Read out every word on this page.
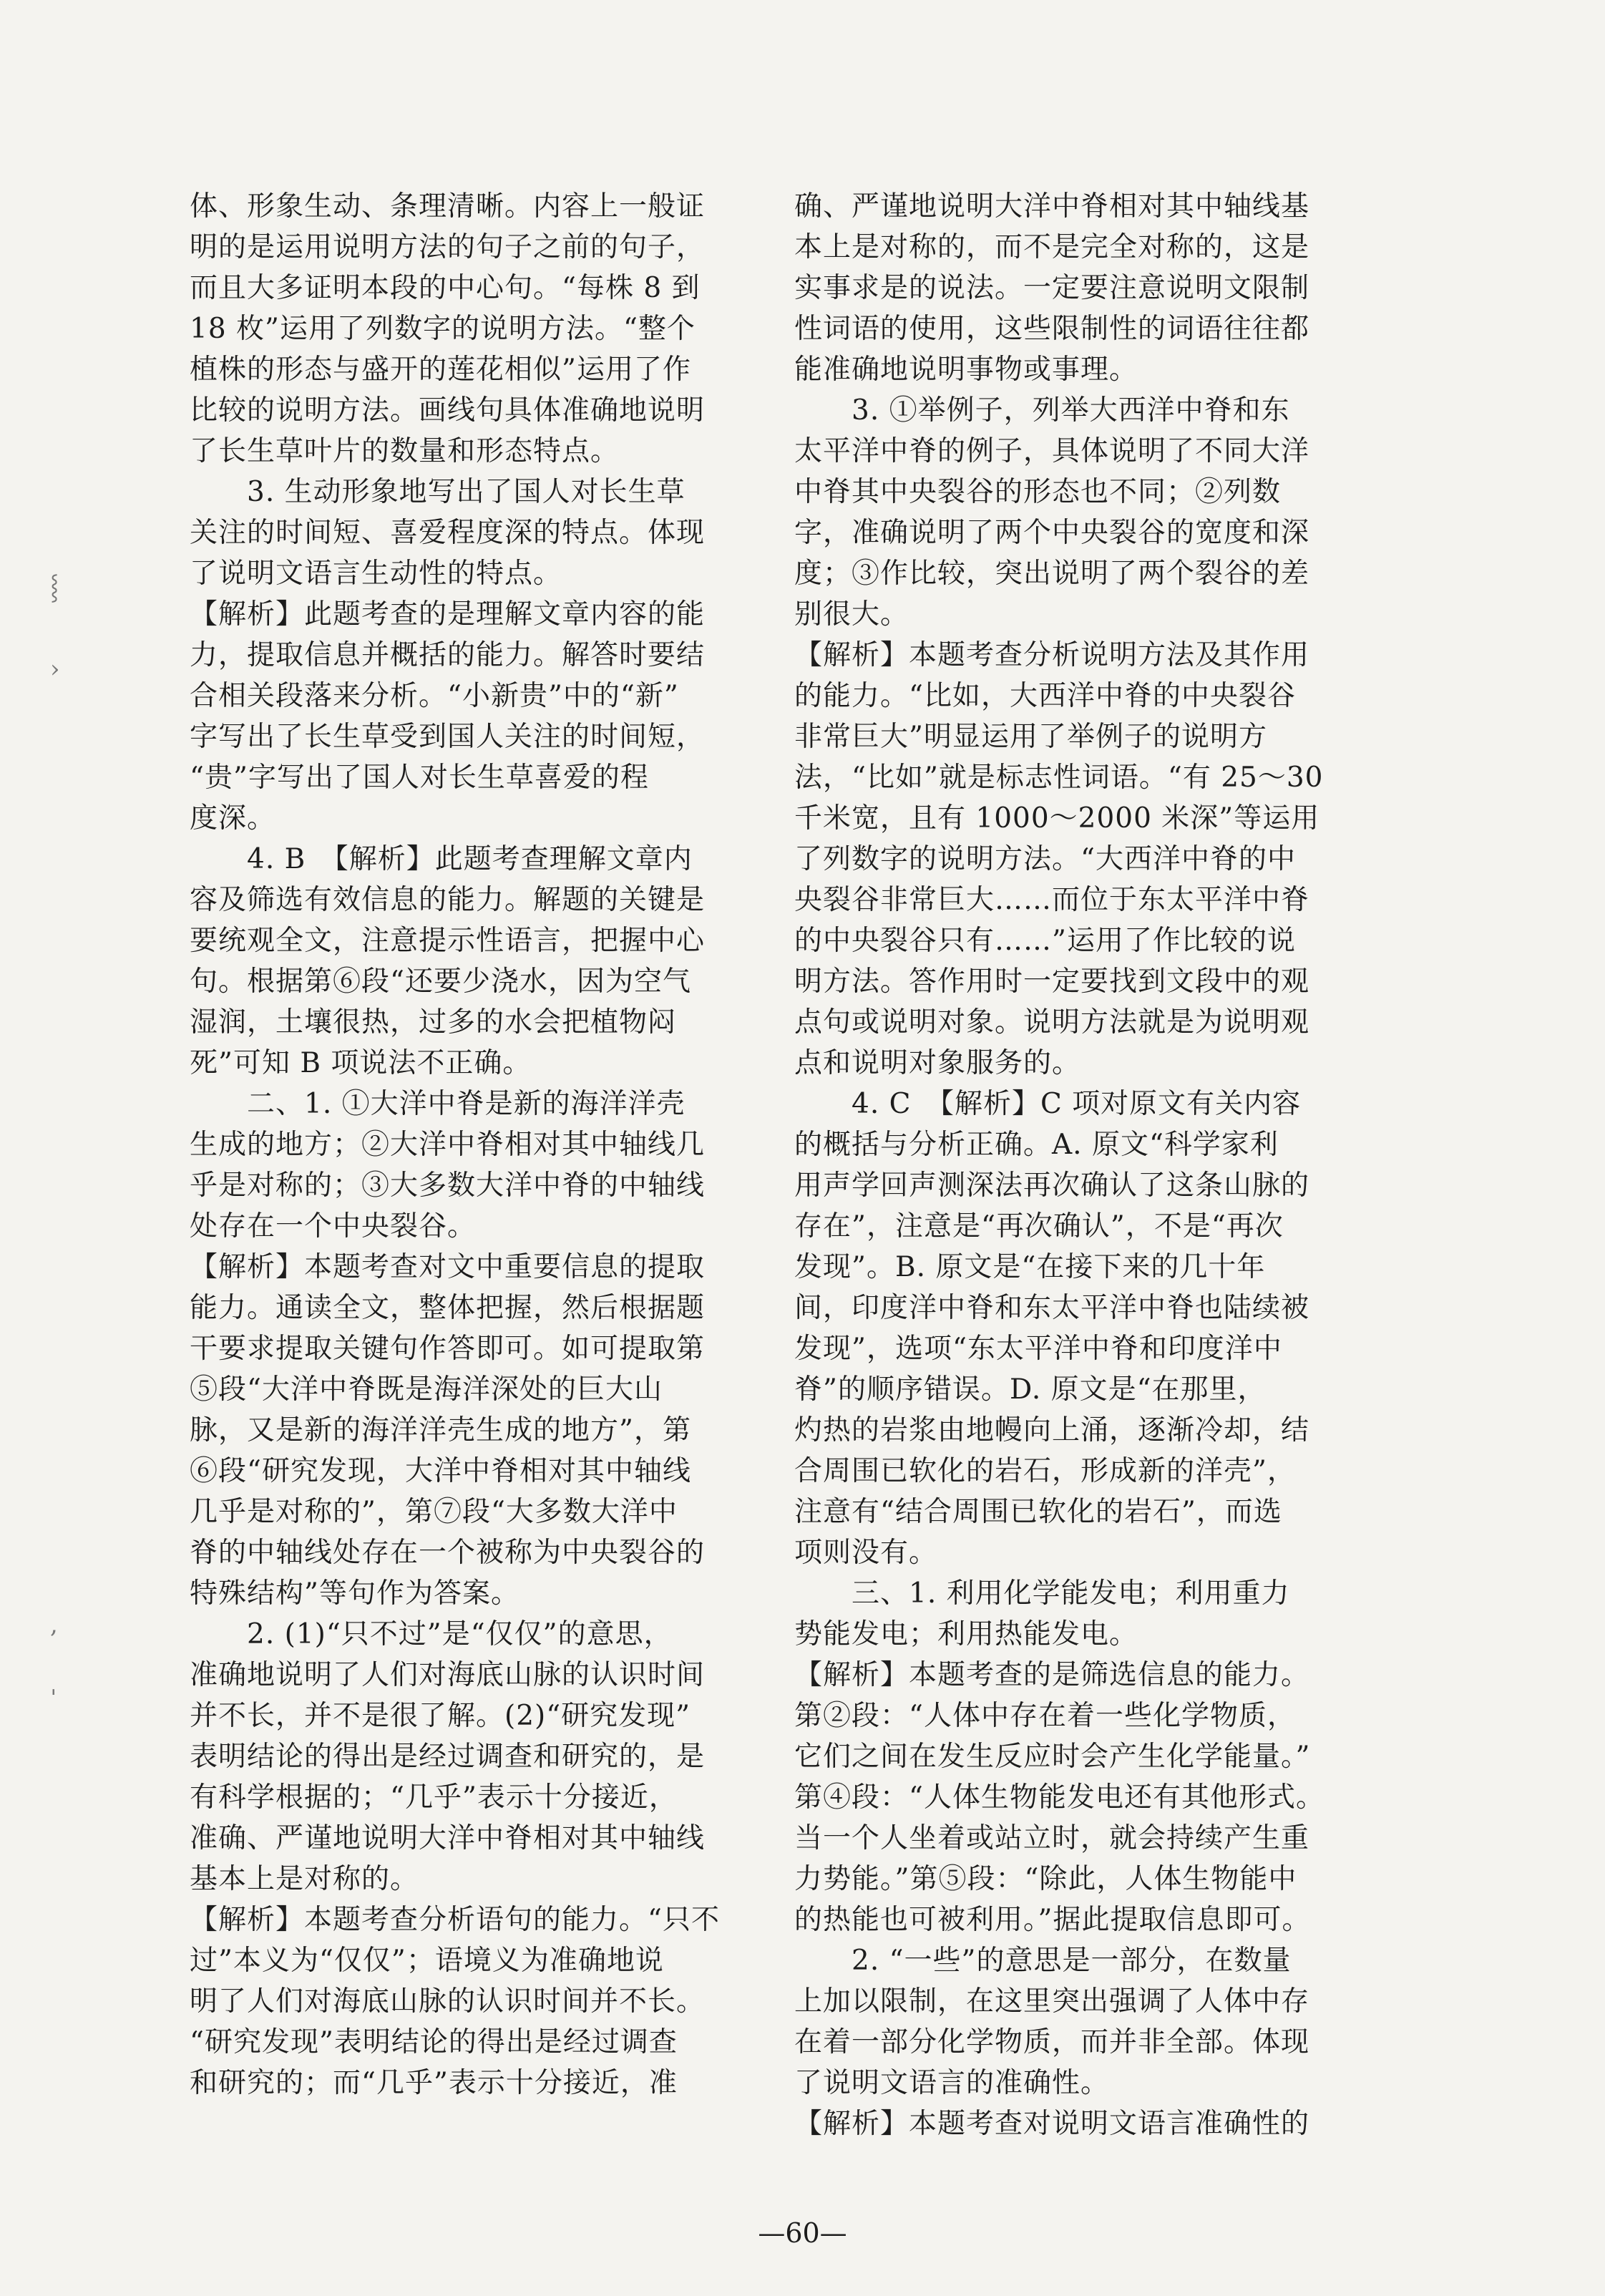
体、形象生动、条理清晰。内容上一般证
明的是运用说明方法的句子之前的句子，
而且大多证明本段的中心句。“每株 8 到
18 枚”运用了列数字的说明方法。“整个
植株的形态与盛开的莲花相似”运用了作
比较的说明方法。画线句具体准确地说明
了长生草叶片的数量和形态特点。
3. 生动形象地写出了国人对长生草
关注的时间短、喜爱程度深的特点。体现
了说明文语言生动性的特点。
【解析】此题考查的是理解文章内容的能
力，提取信息并概括的能力。解答时要结
合相关段落来分析。“小新贵”中的“新”
字写出了长生草受到国人关注的时间短，
“贵”字写出了国人对长生草喜爱的程
度深。
4. B　【解析】此题考查理解文章内
容及筛选有效信息的能力。解题的关键是
要统观全文，注意提示性语言，把握中心
句。根据第⑥段“还要少浇水，因为空气
湿润，土壤很热，过多的水会把植物闷
死”可知 B 项说法不正确。
二、1. ①大洋中脊是新的海洋洋壳
生成的地方；②大洋中脊相对其中轴线几
乎是对称的；③大多数大洋中脊的中轴线
处存在一个中央裂谷。
【解析】本题考查对文中重要信息的提取
能力。通读全文，整体把握，然后根据题
干要求提取关键句作答即可。如可提取第
⑤段“大洋中脊既是海洋深处的巨大山
脉，又是新的海洋洋壳生成的地方”，第
⑥段“研究发现，大洋中脊相对其中轴线
几乎是对称的”，第⑦段“大多数大洋中
脊的中轴线处存在一个被称为中央裂谷的
特殊结构”等句作为答案。
2. (1)“只不过”是“仅仅”的意思，
准确地说明了人们对海底山脉的认识时间
并不长，并不是很了解。(2)“研究发现”
表明结论的得出是经过调查和研究的，是
有科学根据的；“几乎”表示十分接近，
准确、严谨地说明大洋中脊相对其中轴线
基本上是对称的。
【解析】本题考查分析语句的能力。“只不
过”本义为“仅仅”；语境义为准确地说
明了人们对海底山脉的认识时间并不长。
“研究发现”表明结论的得出是经过调查
和研究的；而“几乎”表示十分接近，准
确、严谨地说明大洋中脊相对其中轴线基
本上是对称的，而不是完全对称的，这是
实事求是的说法。一定要注意说明文限制
性词语的使用，这些限制性的词语往往都
能准确地说明事物或事理。
3. ①举例子，列举大西洋中脊和东
太平洋中脊的例子，具体说明了不同大洋
中脊其中央裂谷的形态也不同；②列数
字，准确说明了两个中央裂谷的宽度和深
度；③作比较，突出说明了两个裂谷的差
别很大。
【解析】本题考查分析说明方法及其作用
的能力。“比如，大西洋中脊的中央裂谷
非常巨大”明显运用了举例子的说明方
法，“比如”就是标志性词语。“有 25～30
千米宽，且有 1000～2000 米深”等运用
了列数字的说明方法。“大西洋中脊的中
央裂谷非常巨大……而位于东太平洋中脊
的中央裂谷只有……”运用了作比较的说
明方法。答作用时一定要找到文段中的观
点句或说明对象。说明方法就是为说明观
点和说明对象服务的。
4. C　【解析】C 项对原文有关内容
的概括与分析正确。A. 原文“科学家利
用声学回声测深法再次确认了这条山脉的
存在”，注意是“再次确认”，不是“再次
发现”。B. 原文是“在接下来的几十年
间，印度洋中脊和东太平洋中脊也陆续被
发现”，选项“东太平洋中脊和印度洋中
脊”的顺序错误。D. 原文是“在那里，
灼热的岩浆由地幔向上涌，逐渐冷却，结
合周围已软化的岩石，形成新的洋壳”，
注意有“结合周围已软化的岩石”，而选
项则没有。
三、1. 利用化学能发电；利用重力
势能发电；利用热能发电。
【解析】本题考查的是筛选信息的能力。
第②段：“人体中存在着一些化学物质，
它们之间在发生反应时会产生化学能量。”
第④段：“人体生物能发电还有其他形式。
当一个人坐着或站立时，就会持续产生重
力势能。”第⑤段：“除此，人体生物能中
的热能也可被利用。”据此提取信息即可。
2. “一些”的意思是一部分，在数量
上加以限制，在这里突出强调了人体中存
在着一部分化学物质，而并非全部。体现
了说明文语言的准确性。
【解析】本题考查对说明文语言准确性的
⸾
›
,
ˈ
—60—
